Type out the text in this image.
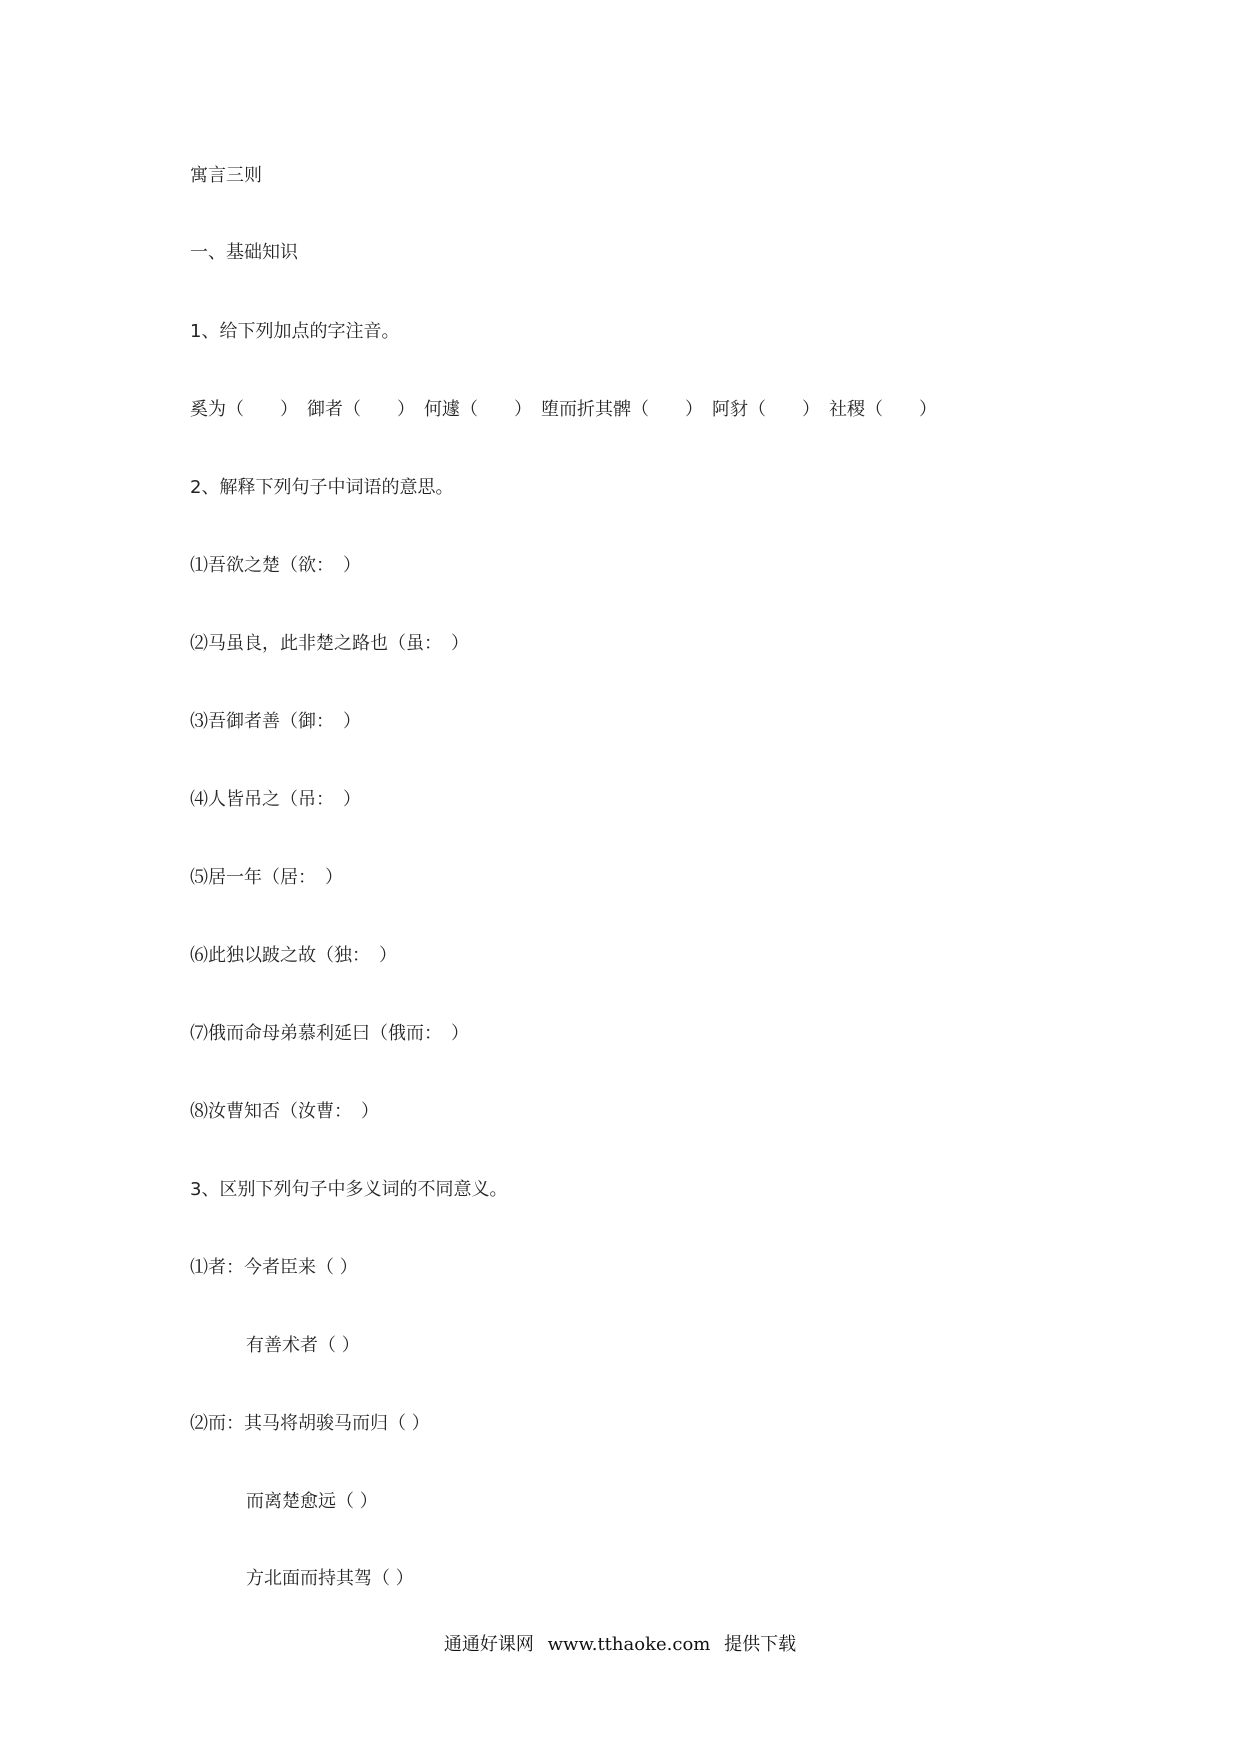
寓言三则
一、基础知识
1、给下列加点的字注音。
奚为（　　）　御者（　　）　何遽（　　）　堕而折其髀（　　）　阿豺（　　）　社稷（　　）
2、解释下列句子中词语的意思。
⑴吾欲之楚（欲：　）
⑵马虽良，此非楚之路也（虽：　）
⑶吾御者善（御：　）
⑷人皆吊之（吊：　）
⑸居一年（居：　）
⑹此独以跛之故（独：　）
⑺俄而命母弟慕利延曰（俄而：　）
⑻汝曹知否（汝曹：　）
3、区别下列句子中多义词的不同意义。
⑴者：今者臣来（ ）
有善术者（ ）
⑵而：其马将胡骏马而归（ ）
而离楚愈远（ ）
方北面而持其驾（ ）
通通好课网 www.tthaoke.com 提供下载
